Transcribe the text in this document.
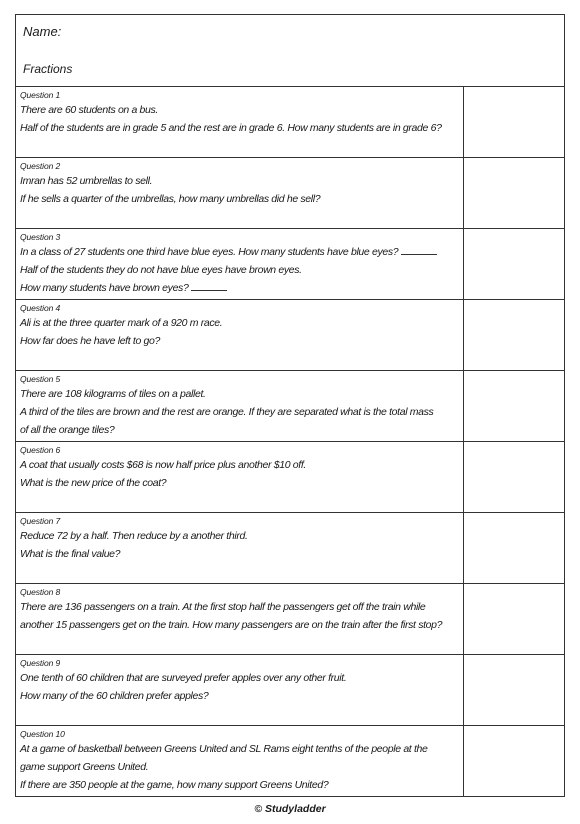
Name:
Fractions
Question 1
There are 60 students on a bus.
Half of the students are in grade 5 and the rest are in grade 6. How many students are in grade 6?
Question 2
Imran has 52 umbrellas to sell.
If he sells a quarter of the umbrellas, how many umbrellas did he sell?
Question 3
In a class of 27 students one third have blue eyes. How many students have blue eyes?
Half of the students they do not have blue eyes have brown eyes.
How many students have brown eyes?
Question 4
Ali is at the three quarter mark of a 920 m race.
How far does he have left to go?
Question 5
There are 108 kilograms of tiles on a pallet.
A third of the tiles are brown and the rest are orange. If they are separated what is the total mass
of all the orange tiles?
Question 6
A coat that usually costs $68 is now half price plus another $10 off.
What is the new price of the coat?
Question 7
Reduce 72 by a half. Then reduce by a another third.
What is the final value?
Question 8
There are 136 passengers on a train. At the first stop half the passengers get off the train while
another 15 passengers get on the train. How many passengers are on the train after the first stop?
Question 9
One tenth of 60 children that are surveyed prefer apples over any other fruit.
How many of the 60 children prefer apples?
Question 10
At a game of basketball between Greens United and SL Rams eight tenths of the people at the
game support Greens United.
If there are 350 people at the game, how many support Greens United?
© Studyladder
